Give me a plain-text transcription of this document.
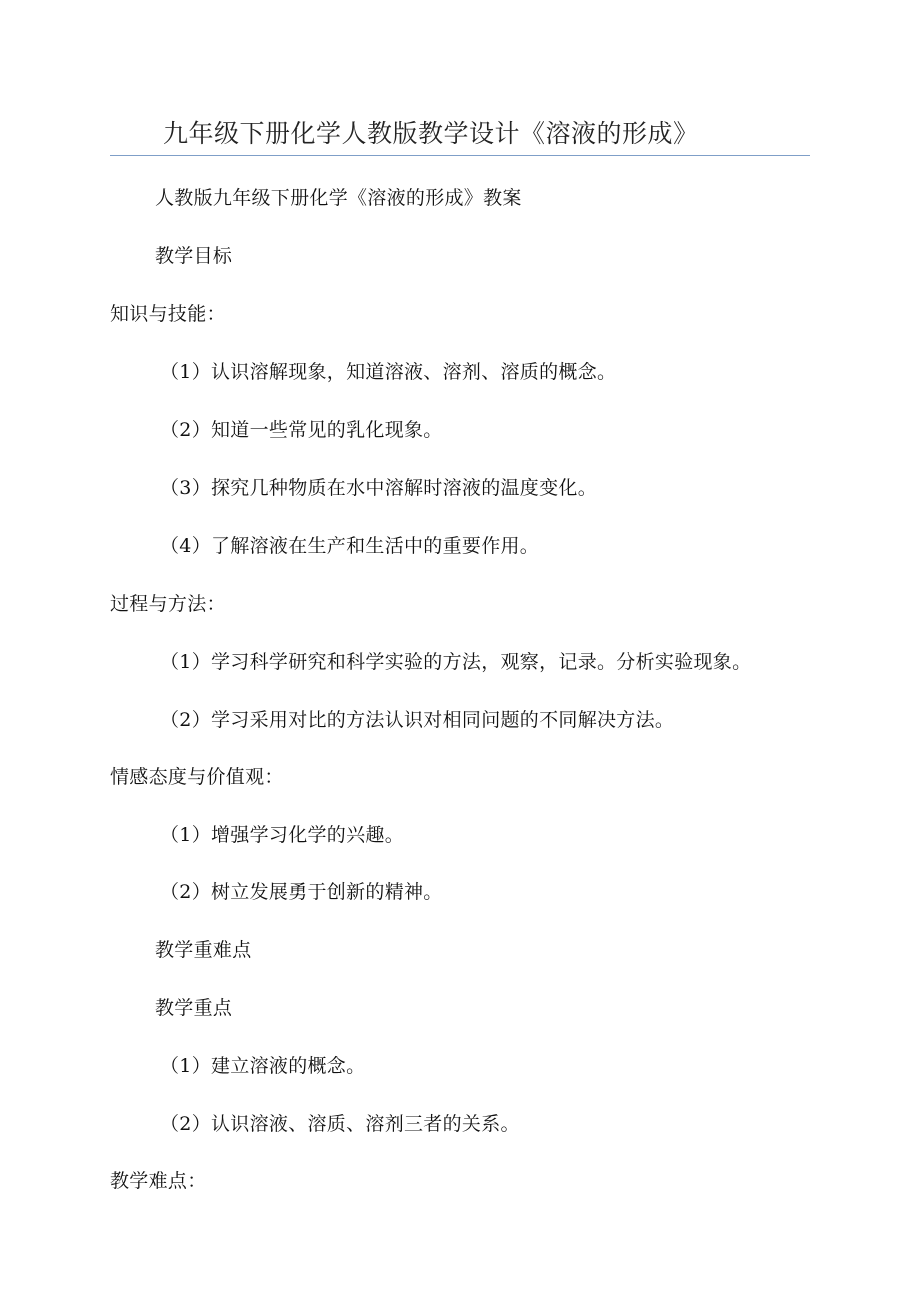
九年级下册化学人教版教学设计《溶液的形成》
人教版九年级下册化学《溶液的形成》教案
教学目标
知识与技能：
（1）认识溶解现象，知道溶液、溶剂、溶质的概念。
（2）知道一些常见的乳化现象。
（3）探究几种物质在水中溶解时溶液的温度变化。
（4）了解溶液在生产和生活中的重要作用。
过程与方法：
（1）学习科学研究和科学实验的方法，观察，记录。分析实验现象。
（2）学习采用对比的方法认识对相同问题的不同解决方法。
情感态度与价值观：
（1）增强学习化学的兴趣。
（2）树立发展勇于创新的精神。
教学重难点
教学重点
（1）建立溶液的概念。
（2）认识溶液、溶质、溶剂三者的关系。
教学难点：
